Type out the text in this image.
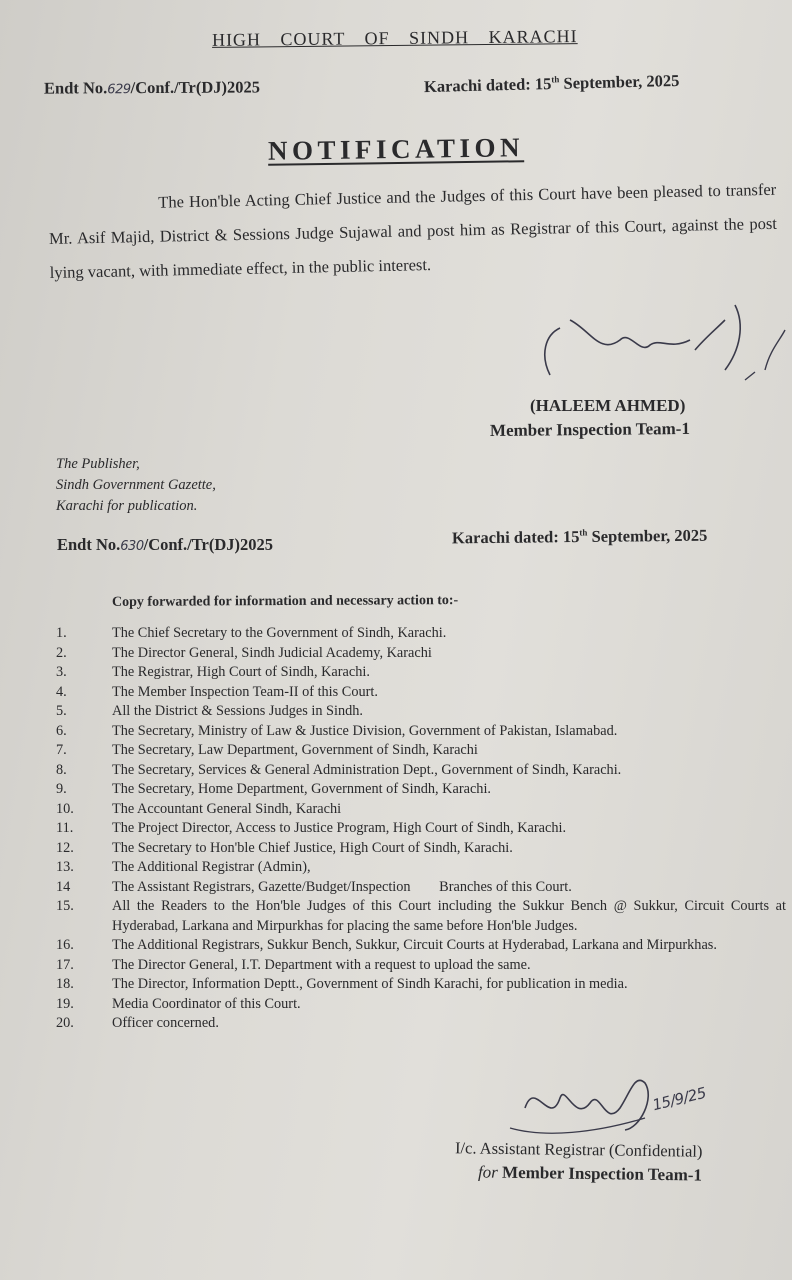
HIGH COURT OF SINDH KARACHI
Endt No.629/Conf./Tr(DJ)2025	Karachi dated: 15th September, 2025
NOTIFICATION
The Hon'ble Acting Chief Justice and the Judges of this Court have been pleased to transfer Mr. Asif Majid, District & Sessions Judge Sujawal and post him as Registrar of this Court, against the post lying vacant, with immediate effect, in the public interest.
(HALEEM AHMED)
Member Inspection Team-1
The Publisher,
Sindh Government Gazette,
Karachi for publication.
Endt No.630/Conf./Tr(DJ)2025	Karachi dated: 15th September, 2025
Copy forwarded for information and necessary action to:-
1.	The Chief Secretary to the Government of Sindh, Karachi.
2.	The Director General, Sindh Judicial Academy, Karachi
3.	The Registrar, High Court of Sindh, Karachi.
4.	The Member Inspection Team-II of this Court.
5.	All the District & Sessions Judges in Sindh.
6.	The Secretary, Ministry of Law & Justice Division, Government of Pakistan, Islamabad.
7.	The Secretary, Law Department, Government of Sindh, Karachi
8.	The Secretary, Services & General Administration Dept., Government of Sindh, Karachi.
9.	The Secretary, Home Department, Government of Sindh, Karachi.
10.	The Accountant General Sindh, Karachi
11.	The Project Director, Access to Justice Program, High Court of Sindh, Karachi.
12.	The Secretary to Hon'ble Chief Justice, High Court of Sindh, Karachi.
13.	The Additional Registrar (Admin),
14	The Assistant Registrars, Gazette/Budget/Inspection        Branches of this Court.
15.	All the Readers to the Hon'ble Judges of this Court including the Sukkur Bench @ Sukkur, Circuit Courts at Hyderabad, Larkana and Mirpurkhas for placing the same before Hon'ble Judges.
16.	The Additional Registrars, Sukkur Bench, Sukkur, Circuit Courts at Hyderabad, Larkana and Mirpurkhas.
17.	The Director General, I.T. Department with a request to upload the same.
18.	The Director, Information Deptt., Government of Sindh Karachi, for publication in media.
19.	Media Coordinator of this Court.
20.	Officer concerned.
15/9/25
I/c. Assistant Registrar (Confidential)
for Member Inspection Team-1
